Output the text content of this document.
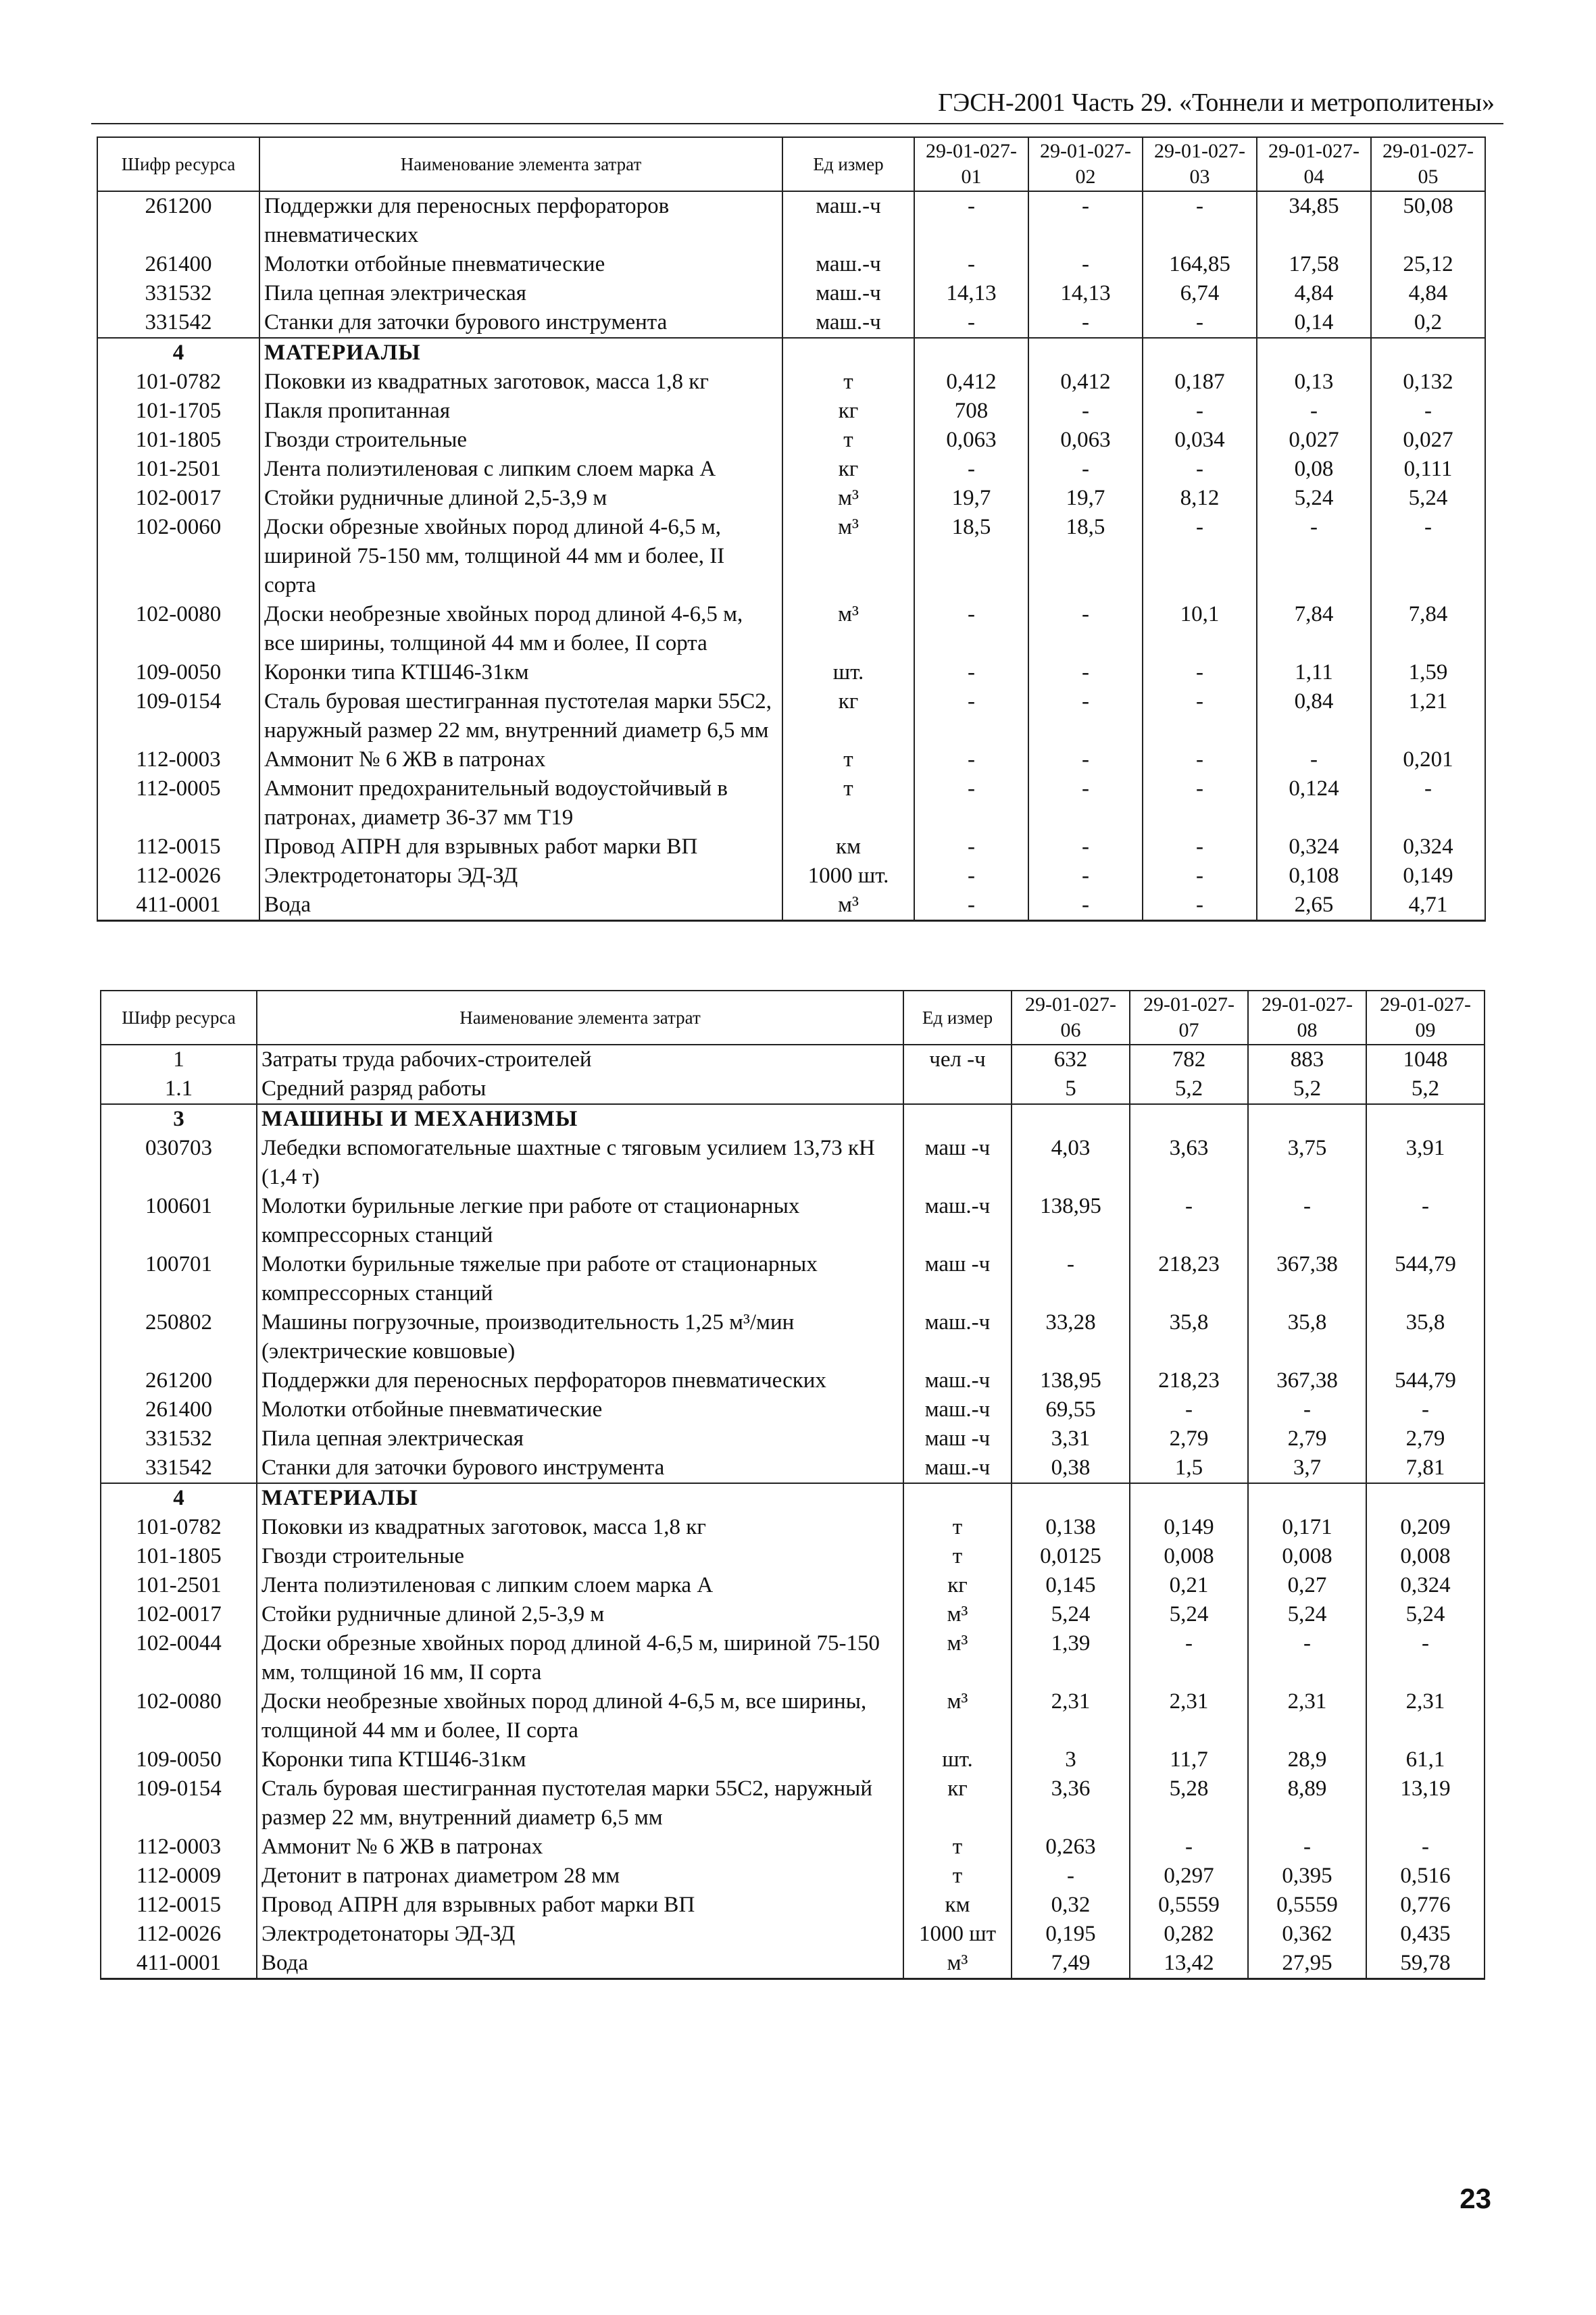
ГЭСН-2001 Часть 29. «Тоннели и метрополитены»
Шифр ресурса	Наименование элемента затрат	Ед измер	29-01-027-01	29-01-027-02	29-01-027-03	29-01-027-04	29-01-027-05
261200	Поддержки для переносных перфораторов пневматических	маш.-ч	-	-	-	34,85	50,08
261400	Молотки отбойные пневматические	маш.-ч	-	-	164,85	17,58	25,12
331532	Пила цепная электрическая	маш.-ч	14,13	14,13	6,74	4,84	4,84
331542	Станки для заточки бурового инструмента	маш.-ч	-	-	-	0,14	0,2
4	МАТЕРИАЛЫ						
101-0782	Поковки из квадратных заготовок, масса 1,8 кг	т	0,412	0,412	0,187	0,13	0,132
101-1705	Пакля пропитанная	кг	708	-	-	-	-
101-1805	Гвозди строительные	т	0,063	0,063	0,034	0,027	0,027
101-2501	Лента полиэтиленовая с липким слоем марка А	кг	-	-	-	0,08	0,111
102-0017	Стойки рудничные длиной 2,5-3,9 м	м³	19,7	19,7	8,12	5,24	5,24
102-0060	Доски обрезные хвойных пород длиной 4-6,5 м, шириной 75-150 мм, толщиной 44 мм и более, II сорта	м³	18,5	18,5	-	-	-
102-0080	Доски необрезные хвойных пород длиной 4-6,5 м, все ширины, толщиной 44 мм и более, II сорта	м³	-	-	10,1	7,84	7,84
109-0050	Коронки типа КТШ46-31км	шт.	-	-	-	1,11	1,59
109-0154	Сталь буровая шестигранная пустотелая марки 55С2, наружный размер 22 мм, внутренний диаметр 6,5 мм	кг	-	-	-	0,84	1,21
112-0003	Аммонит № 6 ЖВ в патронах	т	-	-	-	-	0,201
112-0005	Аммонит предохранительный водоустойчивый в патронах, диаметр 36-37 мм Т19	т	-	-	-	0,124	-
112-0015	Провод АПРН для взрывных работ марки ВП	км	-	-	-	0,324	0,324
112-0026	Электродетонаторы ЭД-ЗД	1000 шт.	-	-	-	0,108	0,149
411-0001	Вода	м³	-	-	-	2,65	4,71
Шифр ресурса	Наименование элемента затрат	Ед измер	29-01-027-06	29-01-027-07	29-01-027-08	29-01-027-09
1	Затраты труда рабочих-строителей	чел -ч	632	782	883	1048
1.1	Средний разряд работы		5	5,2	5,2	5,2
3	МАШИНЫ И МЕХАНИЗМЫ					
030703	Лебедки вспомогательные шахтные с тяговым усилием 13,73 кН (1,4 т)	маш -ч	4,03	3,63	3,75	3,91
100601	Молотки бурильные легкие при работе от стационарных компрессорных станций	маш.-ч	138,95	-	-	-
100701	Молотки бурильные тяжелые при работе от стационарных компрессорных станций	маш -ч	-	218,23	367,38	544,79
250802	Машины погрузочные, производительность 1,25 м³/мин (электрические ковшовые)	маш.-ч	33,28	35,8	35,8	35,8
261200	Поддержки для переносных перфораторов пневматических	маш.-ч	138,95	218,23	367,38	544,79
261400	Молотки отбойные пневматические	маш.-ч	69,55	-	-	-
331532	Пила цепная электрическая	маш -ч	3,31	2,79	2,79	2,79
331542	Станки для заточки бурового инструмента	маш.-ч	0,38	1,5	3,7	7,81
4	МАТЕРИАЛЫ					
101-0782	Поковки из квадратных заготовок, масса 1,8 кг	т	0,138	0,149	0,171	0,209
101-1805	Гвозди строительные	т	0,0125	0,008	0,008	0,008
101-2501	Лента полиэтиленовая с липким слоем марка А	кг	0,145	0,21	0,27	0,324
102-0017	Стойки рудничные длиной 2,5-3,9 м	м³	5,24	5,24	5,24	5,24
102-0044	Доски обрезные хвойных пород длиной 4-6,5 м, шириной 75-150 мм, толщиной 16 мм, II сорта	м³	1,39	-	-	-
102-0080	Доски необрезные хвойных пород длиной 4-6,5 м, все ширины, толщиной 44 мм и более, II сорта	м³	2,31	2,31	2,31	2,31
109-0050	Коронки типа КТШ46-31км	шт.	3	11,7	28,9	61,1
109-0154	Сталь буровая шестигранная пустотелая марки 55С2, наружный размер 22 мм, внутренний диаметр 6,5 мм	кг	3,36	5,28	8,89	13,19
112-0003	Аммонит № 6 ЖВ в патронах	т	0,263	-	-	-
112-0009	Детонит в патронах диаметром 28 мм	т	-	0,297	0,395	0,516
112-0015	Провод АПРН для взрывных работ марки ВП	км	0,32	0,5559	0,5559	0,776
112-0026	Электродетонаторы ЭД-ЗД	1000 шт	0,195	0,282	0,362	0,435
411-0001	Вода	м³	7,49	13,42	27,95	59,78
23
